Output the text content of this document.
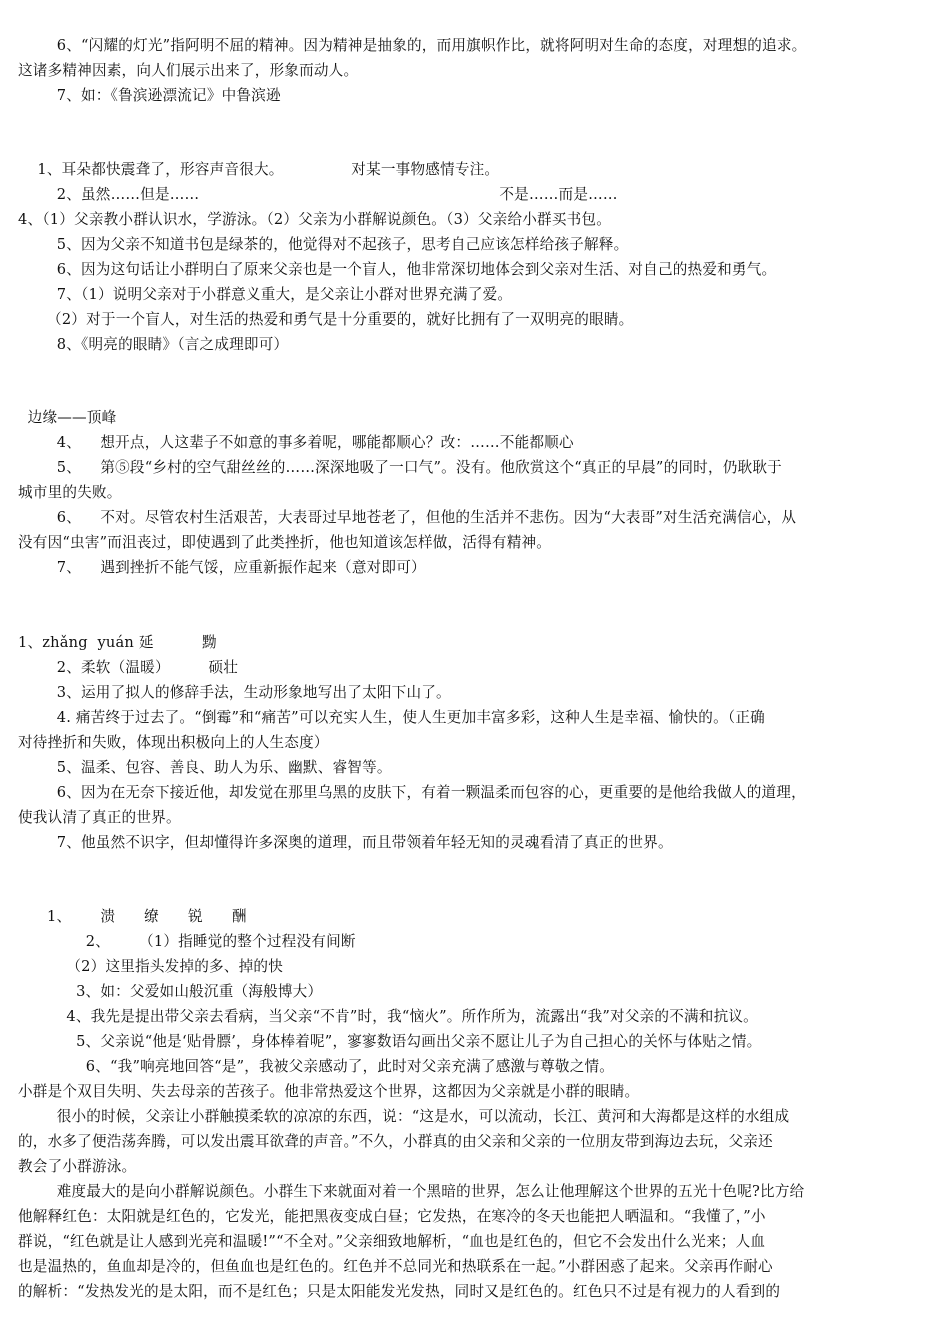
6、“闪耀的灯光”指阿明不屈的精神。因为精神是抽象的，而用旗帜作比，就将阿明对生命的态度，对理想的追求。
这诸多精神因素，向人们展示出来了，形象而动人。
7、如：《鲁滨逊漂流记》中鲁滨逊
1、耳朵都快震聋了，形容声音很大。              对某一事物感情专注。
2、虽然……但是……                                                              不是……而是……
4、（1）父亲教小群认识水，学游泳。（2）父亲为小群解说颜色。（3）父亲给小群买书包。
5、因为父亲不知道书包是绿茶的，他觉得对不起孩子，思考自己应该怎样给孩子解释。
6、因为这句话让小群明白了原来父亲也是一个盲人，他非常深切地体会到父亲对生活、对自己的热爱和勇气。
7、（1）说明父亲对于小群意义重大，是父亲让小群对世界充满了爱。
（2）对于一个盲人，对生活的热爱和勇气是十分重要的，就好比拥有了一双明亮的眼睛。
8、《明亮的眼睛》（言之成理即可）
边缘——顶峰
4、    想开点，人这辈子不如意的事多着呢，哪能都顺心？改：……不能都顺心
5、    第⑤段“乡村的空气甜丝丝的……深深地吸了一口气”。没有。他欣赏这个“真正的早晨”的同时，仍耿耿于
城市里的失败。
6、    不对。尽管农村生活艰苦，大表哥过早地苍老了，但他的生活并不悲伤。因为“大表哥”对生活充满信心，从
没有因“虫害”而沮丧过，即使遇到了此类挫折，他也知道该怎样做，活得有精神。
7、    遇到挫折不能气馁，应重新振作起来（意对即可）
1、zhǎng  yuán 延          黝
2、柔软（温暖）        硕壮
3、运用了拟人的修辞手法，生动形象地写出了太阳下山了。
4. 痛苦终于过去了。“倒霉”和“痛苦”可以充实人生，使人生更加丰富多彩，这种人生是幸福、愉快的。（正确
对待挫折和失败，体现出积极向上的人生态度）
5、温柔、包容、善良、助人为乐、幽默、睿智等。
6、因为在无奈下接近他，却发觉在那里乌黑的皮肤下，有着一颗温柔而包容的心，更重要的是他给我做人的道理，
使我认清了真正的世界。
7、他虽然不识字，但却懂得许多深奥的道理，而且带领着年轻无知的灵魂看清了真正的世界。
1、      溃      缭      锐      酬
2、      （1）指睡觉的整个过程没有间断
（2）这里指头发掉的多、掉的快
3、如：父爱如山般沉重（海般博大）
4、我先是提出带父亲去看病，当父亲“不肯”时，我“恼火”。所作所为，流露出“我”对父亲的不满和抗议。
5、父亲说“他是‘贴骨膘’，身体棒着呢”，寥寥数语勾画出父亲不愿让儿子为自己担心的关怀与体贴之情。
6、“我”响亮地回答“是”，我被父亲感动了，此时对父亲充满了感激与尊敬之情。
小群是个双目失明、失去母亲的苦孩子。他非常热爱这个世界，这都因为父亲就是小群的眼睛。
很小的时候，父亲让小群触摸柔软的凉凉的东西，说：“这是水，可以流动，长江、黄河和大海都是这样的水组成
的，水多了便浩荡奔腾，可以发出震耳欲聋的声音。”不久，小群真的由父亲和父亲的一位朋友带到海边去玩，父亲还
教会了小群游泳。
难度最大的是向小群解说颜色。小群生下来就面对着一个黑暗的世界，怎么让他理解这个世界的五光十色呢?比方给
他解释红色：太阳就是红色的，它发光，能把黑夜变成白昼；它发热，在寒冷的冬天也能把人晒温和。“我懂了，”小
群说，“红色就是让人感到光亮和温暖!”“不全对。”父亲细致地解析，“血也是红色的，但它不会发出什么光来；人血
也是温热的，鱼血却是冷的，但鱼血也是红色的。红色并不总同光和热联系在一起。”小群困惑了起来。父亲再作耐心
的解析：“发热发光的是太阳，而不是红色；只是太阳能发光发热，同时又是红色的。红色只不过是有视力的人看到的
